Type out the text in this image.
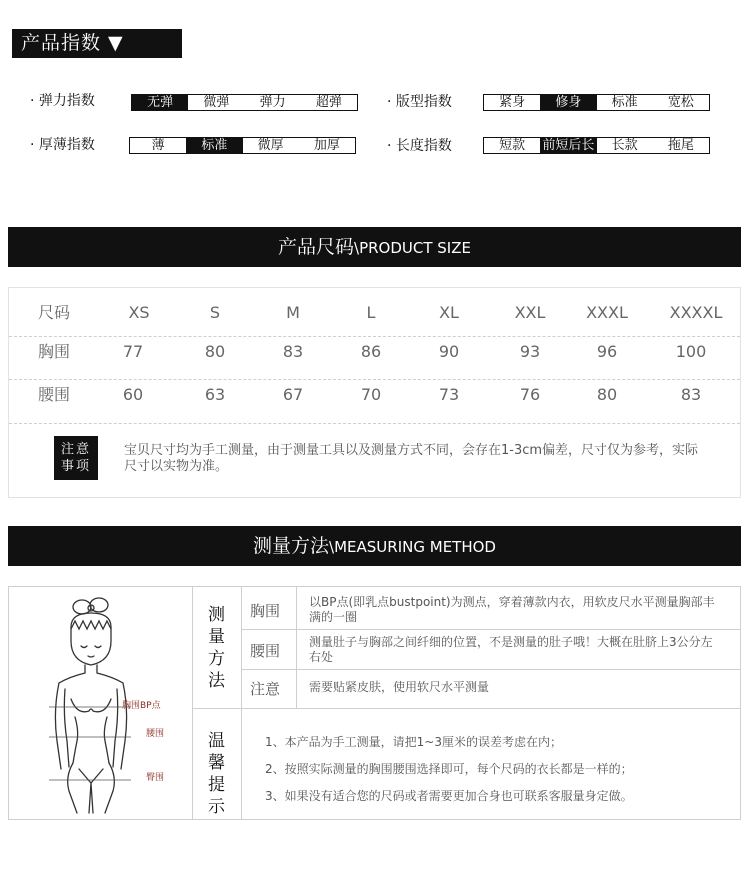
产品指数 ▼
· 弹力指数	无弹	微弹	弹力	超弹	· 版型指数	紧身	修身	标准	宽松
· 厚薄指数	薄	标准	微厚	加厚	· 长度指数	短款	前短后长	长款	拖尾
产品尺码\PRODUCT SIZE
尺码	XS	S	M	L	XL	XXL	XXXL	XXXXL
胸围	77	80	83	86	90	93	96	100
腰围	60	63	67	70	73	76	80	83
注意
事项
宝贝尺寸均为手工测量，由于测量工具以及测量方式不同，会存在1-3cm偏差，尺寸仅为参考，实际尺寸以实物为准。
测量方法\MEASURING METHOD
胸围BP点
腰围
臀围
测
量
方
法
温
馨
提
示
胸围 以BP点(即乳点bustpoint)为测点，穿着薄款内衣，用软皮尺水平测量胸部丰满的一圈
腰围 测量肚子与胸部之间纤细的位置，不是测量的肚子哦！大概在肚脐上3公分左右处
注意 需要贴紧皮肤，使用软尺水平测量
1、本产品为手工测量，请把1~3厘米的误差考虑在内；
2、按照实际测量的胸围腰围选择即可，每个尺码的衣长都是一样的；
3、如果没有适合您的尺码或者需要更加合身也可联系客服量身定做。
